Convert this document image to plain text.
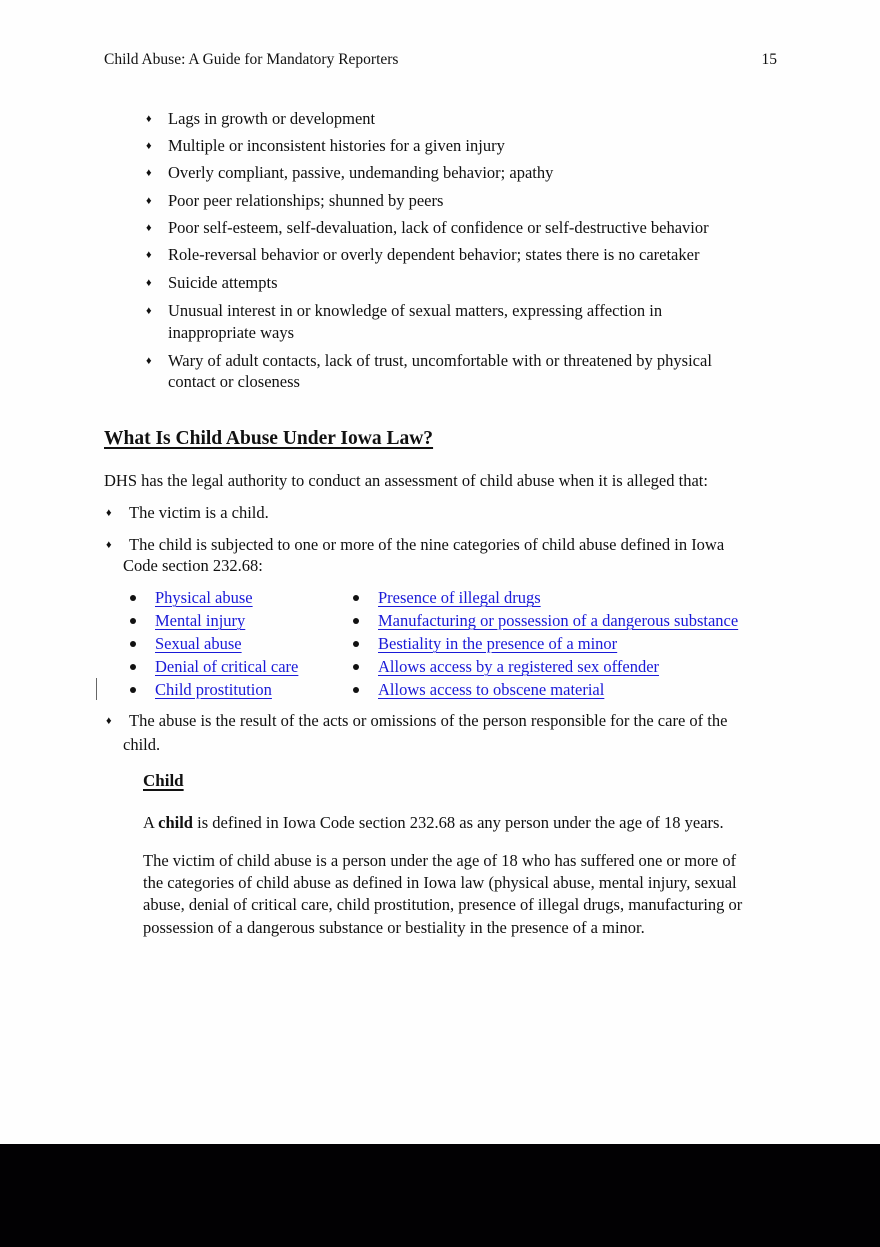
Child Abuse: A Guide for Mandatory Reporters	15
♦ Lags in growth or development
♦ Multiple or inconsistent histories for a given injury
♦ Overly compliant, passive, undemanding behavior; apathy
♦ Poor peer relationships; shunned by peers
♦ Poor self-esteem, self-devaluation, lack of confidence or self-destructive behavior
♦ Role-reversal behavior or overly dependent behavior; states there is no caretaker
♦ Suicide attempts
♦ Unusual interest in or knowledge of sexual matters, expressing affection in
inappropriate ways
♦ Wary of adult contacts, lack of trust, uncomfortable with or threatened by physical
contact or closeness
What Is Child Abuse Under Iowa Law?
DHS has the legal authority to conduct an assessment of child abuse when it is alleged that:
♦ The victim is a child.
♦ The child is subjected to one or more of the nine categories of child abuse defined in Iowa
Code section 232.68:
Physical abuse
Mental injury
Sexual abuse
Denial of critical care
Child prostitution
Presence of illegal drugs
Manufacturing or possession of a dangerous substance
Bestiality in the presence of a minor
Allows access by a registered sex offender
Allows access to obscene material
♦ The abuse is the result of the acts or omissions of the person responsible for the care of the
child.
Child
A child is defined in Iowa Code section 232.68 as any person under the age of 18 years.
The victim of child abuse is a person under the age of 18 who has suffered one or more of
the categories of child abuse as defined in Iowa law (physical abuse, mental injury, sexual
abuse, denial of critical care, child prostitution, presence of illegal drugs, manufacturing or
possession of a dangerous substance or bestiality in the presence of a minor.
